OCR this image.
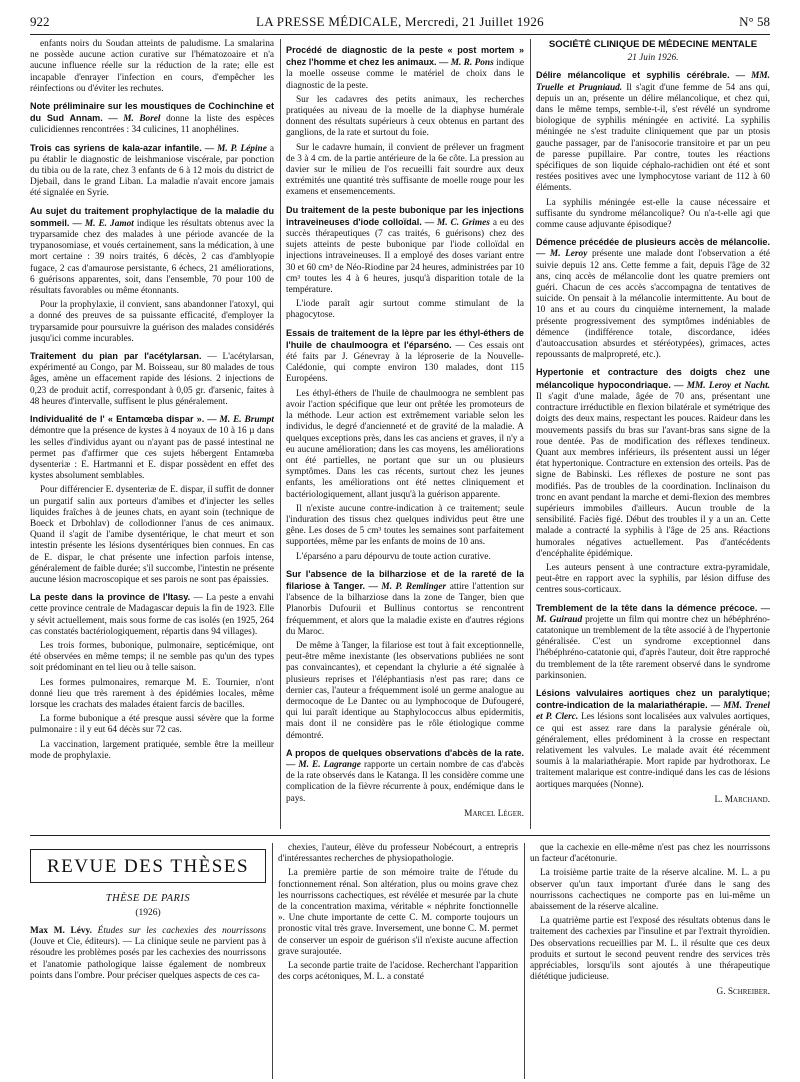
922	LA PRESSE MÉDICALE, Mercredi, 21 Juillet 1926	N° 58

enfants noirs du Soudan atteints de paludisme. La smalarina ne possède aucune action curative sur l'hématozoaire et n'a aucune influence réelle sur la réduction de la rate; elle est incapable d'enrayer l'infection en cours, d'empêcher les réinfections ou d'éviter les rechutes.

Note préliminaire sur les moustiques de Cochinchine et du Sud Annam. — M. Borel donne la liste des espèces culicidiennes rencontrées : 34 culicines, 11 anophélines.

Trois cas syriens de kala-azar infantile. — M. P. Lépine a pu établir le diagnostic de leishmaniose viscérale, par ponction du tibia ou de la rate, chez 3 enfants de 6 à 12 mois du district de Djebail, dans le grand Liban. La maladie n'avait encore jamais été signalée en Syrie.

Au sujet du traitement prophylactique de la maladie du sommeil. — M. E. Jamot indique les résultats obtenus avec la tryparsamide chez des malades à une période avancée de la trypanosomiase, et voués certainement, sans la médication, à une mort certaine : 39 noirs traités, 6 décès, 2 cas d'amblyopie fugace, 2 cas d'amaurose persistante, 6 échecs, 21 améliorations, 6 guérisons apparentes, soit, dans l'ensemble, 70 pour 100 de résultats favorables ou même étonnants.

Pour la prophylaxie, il convient, sans abandonner l'atoxyl, qui a donné des preuves de sa puissante efficacité, d'employer la tryparsamide pour poursuivre la guérison des malades considérés jusqu'ici comme incurables.

Traitement du pian par l'acétylarsan. — L'acétylarsan, expérimenté au Congo, par M. Boisseau, sur 80 malades de tous âges, amène un effacement rapide des lésions. 2 injections de 0,23 de produit actif, correspondant à 0,05 gr. d'arsenic, faites à 48 heures d'intervalle, suffisent le plus généralement.

Individualité de l' « Entamœba dispar ». — M. E. Brumpt démontre que la présence de kystes à 4 noyaux de 10 à 16 µ dans les selles d'individus ayant ou n'ayant pas de passé intestinal ne permet pas d'affirmer que ces sujets hébergent Entamœba dysenteriæ : E. Hartmanni et E. dispar possèdent en effet des kystes absolument semblables.

Pour différencier E. dysenteriæ de E. dispar, il suffit de donner un purgatif salin aux porteurs d'amibes et d'injecter les selles liquides fraîches à de jeunes chats, en ayant soin (technique de Boeck et Drbohlav) de collodionner l'anus de ces animaux. Quand il s'agit de l'amibe dysentérique, le chat meurt et son intestin présente les lésions dysentériques bien connues. En cas de E. dispar, le chat présente une infection parfois intense, généralement de faible durée; s'il succombe, l'intestin ne présente aucune lésion macroscopique et ses parois ne sont pas épaissies.

La peste dans la province de l'Itasy. — La peste a envahi cette province centrale de Madagascar depuis la fin de 1923. Elle y sévit actuellement, mais sous forme de cas isolés (en 1925, 264 cas constatés bactériologiquement, répartis dans 94 villages).

Les trois formes, bubonique, pulmonaire, septicémique, ont été observées en même temps; il ne semble pas qu'un des types soit prédominant en tel lieu ou à telle saison.

Les formes pulmonaires, remarque M. E. Tournier, n'ont donné lieu que très rarement à des épidémies locales, même lorsque les crachats des malades étaient farcis de bacilles.

La forme bubonique a été presque aussi sévère que la forme pulmonaire : il y eut 64 décès sur 72 cas.

La vaccination, largement pratiquée, semble être la meilleur mode de prophylaxie.

Procédé de diagnostic de la peste « post mortem » chez l'homme et chez les animaux. — M. R. Pons indique la moelle osseuse comme le matériel de choix dans le diagnostic de la peste.

Sur les cadavres des petits animaux, les recherches pratiquées au niveau de la moelle de la diaphyse humérale donnent des résultats supérieurs à ceux obtenus en partant des ganglions, de la rate et surtout du foie.

Sur le cadavre humain, il convient de prélever un fragment de 3 à 4 cm. de la partie antérieure de la 6e côte. La pression au davier sur le milieu de l'os recueilli fait sourdre aux deux extrémités une quantité très suffisante de moelle rouge pour les examens et ensemencements.

Du traitement de la peste bubonique par les injections intraveineuses d'iode colloïdal. — M. C. Grimes a eu des succès thérapeutiques (7 cas traités, 6 guérisons) chez des sujets atteints de peste bubonique par l'iode colloïdal en injections intraveineuses. Il a employé des doses variant entre 30 et 60 cm³ de Néo-Riodine par 24 heures, administrées par 10 cm³ toutes les 4 à 6 heures, jusqu'à disparition totale de la température.

L'iode paraît agir surtout comme stimulant de la phagocytose.

Essais de traitement de la lèpre par les éthyl-éthers de l'huile de chaulmoogra et l'éparséno. — Ces essais ont été faits par J. Génevray à la léproserie de la Nouvelle-Calédonie, qui compte environ 130 malades, dont 115 Européens.

Les éthyl-éthers de l'huile de chaulmoogra ne semblent pas avoir l'action spécifique que leur ont prêtée les promoteurs de la méthode. Leur action est extrêmement variable selon les individus, le degré d'ancienneté et de gravité de la maladie. A quelques exceptions près, dans les cas anciens et graves, il n'y a eu aucune amélioration; dans les cas moyens, les améliorations ont été partielles, ne portant que sur un ou plusieurs symptômes. Dans les cas récents, surtout chez les jeunes enfants, les améliorations ont été nettes cliniquement et bactériologiquement, allant jusqu'à la guérison apparente.

Il n'existe aucune contre-indication à ce traitement; seule l'induration des tissus chez quelques individus peut être une gêne. Les doses de 5 cm³ toutes les semaines sont parfaitement supportées, même par les enfants de moins de 10 ans.

L'éparséno a paru dépourvu de toute action curative.

Sur l'absence de la bilharziose et de la rareté de la filariose à Tanger. — M. P. Remlinger attire l'attention sur l'absence de la bilharziose dans la zone de Tanger, bien que Planorbis Dufourii et Bullinus contortus se rencontrent fréquemment, et alors que la maladie existe en d'autres régions du Maroc.

De même à Tanger, la filariose est tout à fait exceptionnelle, peut-être même inexistante (les observations publiées ne sont pas convaincantes), et cependant la chylurie a été signalée à plusieurs reprises et l'éléphantiasis n'est pas rare; dans ce dernier cas, l'auteur a fréquemment isolé un germe analogue au dermocoque de Le Dantec ou au lymphocoque de Dufougeré, qui lui paraît identique au Staphylococcus albus epidermitis, mais dont il ne considère pas le rôle étiologique comme démontré.

A propos de quelques observations d'abcès de la rate. — M. E. Lagrange rapporte un certain nombre de cas d'abcès de la rate observés dans le Katanga. Il les considère comme une complication de la fièvre récurrente à poux, endémique dans le pays.

Marcel Léger.

SOCIÉTÉ CLINIQUE DE MÉDECINE MENTALE

21 Juin 1926.

Délire mélancolique et syphilis cérébrale. — MM. Truelle et Prugniaud. Il s'agit d'une femme de 54 ans qui, depuis un an, présente un délire mélancolique, et chez qui, dans le même temps, semble-t-il, s'est révélé un syndrome biologique de syphilis méningée en activité. La syphilis méningée ne s'est traduite cliniquement que par un ptosis gauche passager, par de l'anisocorie transitoire et par un peu de paresse pupillaire. Par contre, toutes les réactions spécifiques de son liquide céphalo-rachidien ont été et sont restées positives avec une lymphocytose variant de 112 à 60 éléments.

La syphilis méningée est-elle la cause nécessaire et suffisante du syndrome mélancolique? Ou n'a-t-elle agi que comme cause adjuvante épisodique?

Démence précédée de plusieurs accès de mélancolie. — M. Leroy présente une malade dont l'observation a été suivie depuis 12 ans. Cette femme a fait, depuis l'âge de 32 ans, cinq accès de mélancolie dont les quatre premiers ont guéri. Chacun de ces accès s'accompagna de tentatives de suicide. On pensait à la mélancolie intermittente. Au bout de 10 ans et au cours du cinquième internement, la malade présente progressivement des symptômes indéniables de démence (indifférence totale, discordance, idées d'autoaccusation absurdes et stéréotypées), grimaces, actes repoussants de malpropreté, etc.).

Hypertonie et contracture des doigts chez une mélancolique hypocondriaque. — MM. Leroy et Nacht. Il s'agit d'une malade, âgée de 70 ans, présentant une contracture irréductible en flexion bilatérale et symétrique des doigts des deux mains, respectant les pouces. Raideur dans les mouvements passifs du bras sur l'avant-bras sans signe de la roue dentée. Pas de modification des réflexes tendineux. Quant aux membres inférieurs, ils présentent aussi un léger état hypertonique. Contracture en extension des orteils. Pas de signe de Babinski. Les réflexes de posture ne sont pas modifiés. Pas de troubles de la coordination. Inclinaison du tronc en avant pendant la marche et demi-flexion des membres supérieurs immobiles d'ailleurs. Aucun trouble de la sensibilité. Faciès figé. Début des troubles il y a un an. Cette malade a contracté la syphilis à l'âge de 25 ans. Réactions humorales négatives actuellement. Pas d'antécédents d'encéphalite épidémique.

Les auteurs pensent à une contracture extra-pyramidale, peut-être en rapport avec la syphilis, par lésion diffuse des centres sous-corticaux.

Tremblement de la tête dans la démence précoce. — M. Guiraud projette un film qui montre chez un hébéphréno-catatonique un tremblement de la tête associé à de l'hypertonie généralisée. C'est un syndrome exceptionnel dans l'hébéphréno-catatonie qui, d'après l'auteur, doit être rapproché du tremblement de la tête rarement observé dans le syndrome parkinsonien.

Lésions valvulaires aortiques chez un paralytique; contre-indication de la malariathérapie. — MM. Trenel et P. Clerc. Les lésions sont localisées aux valvules aortiques, ce qui est assez rare dans la paralysie générale où, généralement, elles prédominent à la crosse en respectant relativement les valvules. Le malade avait été récemment soumis à la malariathérapie. Mort rapide par hydrothorax. Le traitement malarique est contre-indiqué dans les cas de lésions aortiques marquées (Nonne).

L. Marchand.

REVUE DES THÈSES
THÈSE DE PARIS
(1926)
Max M. Lévy. Études sur les cachexies des nourrissons (Jouve et Cie, éditeurs). — La clinique seule ne parvient pas à résoudre les problèmes posés par les cachexies des nourrissons et l'anatomie pathologique laisse également de nombreux points dans l'ombre. Pour préciser quelques aspects de ces ca-

chexies, l'auteur, élève du professeur Nobécourt, a entrepris d'intéressantes recherches de physiopathologie.

La première partie de son mémoire traite de l'étude du fonctionnement rénal. Son altération, plus ou moins grave chez les nourrissons cachectiques, est révélée et mesurée par la chute de la concentration maxima, véritable « néphrite fonctionnelle ». Une chute importante de cette C. M. comporte toujours un pronostic vital très grave. Inversement, une bonne C. M. permet de conserver un espoir de guérison s'il n'existe aucune affection grave surajoutée.

La seconde partie traite de l'acidose. Recherchant l'apparition des corps acétoniques, M. L. a constaté

que la cachexie en elle-même n'est pas chez les nourrissons un facteur d'acétonurie.

La troisième partie traite de la réserve alcaline. M. L. a pu observer qu'un taux important d'urée dans le sang des nourrissons cachectiques ne comporte pas en lui-même un abaissement de la réserve alcaline.

La quatrième partie est l'exposé des résultats obtenus dans le traitement des cachexies par l'insuline et par l'extrait thyroïdien. Des observations recueillies par M. L. il résulte que ces deux produits et surtout le second peuvent rendre des services très appréciables, lorsqu'ils sont ajoutés à une thérapeutique diététique judicieuse.

G. Schreiber.
